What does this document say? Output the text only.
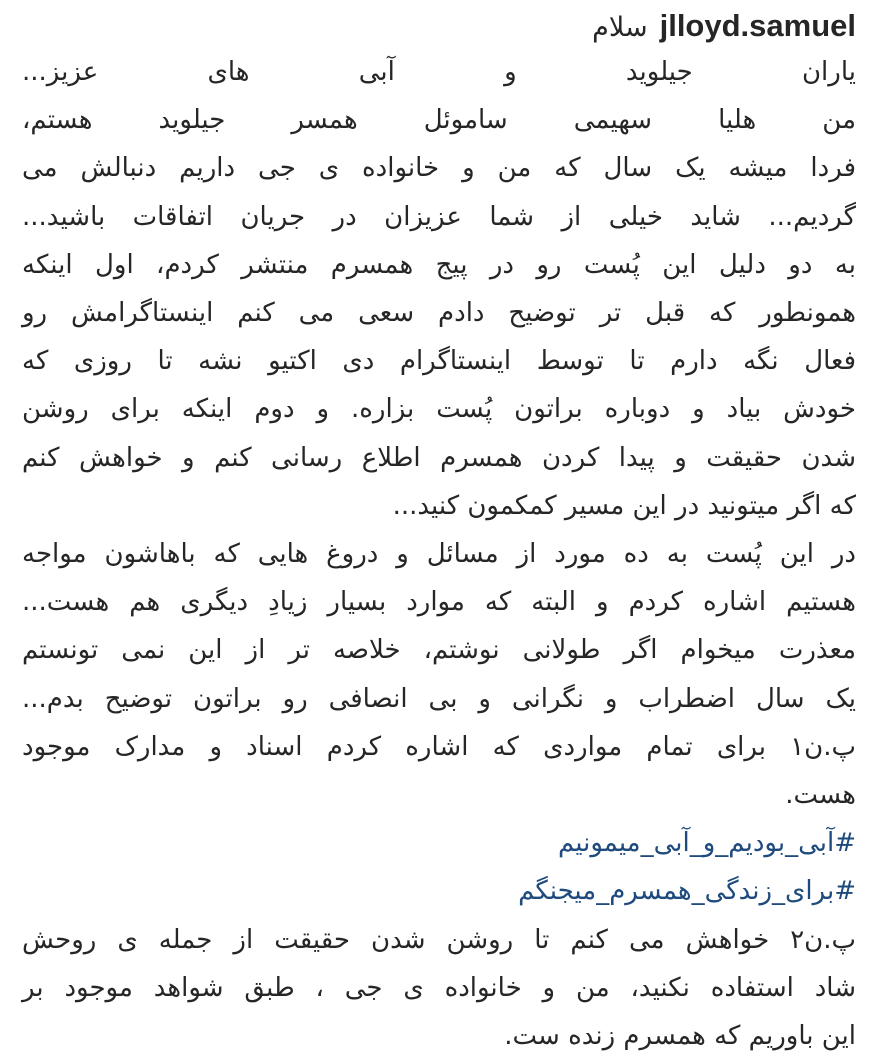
jlloyd.samuel
سلام
یاران جیلوید و آبی های عزیز...
من هلیا سهیمی ساموئل همسر جیلوید هستم،
فردا میشه یک سال که من و خانواده ی جی داریم دنبالش می
گردیم... شاید خیلی از شما عزیزان در جریان اتفاقات باشید...
به دو دلیل این پُست رو در پیج همسرم منتشر کردم، اول اینکه
همونطور که قبل تر توضیح دادم سعی می کنم اینستاگرامش رو
فعال نگه دارم تا توسط اینستاگرام دی اکتیو نشه تا روزی که
خودش بیاد و دوباره براتون پُست بزاره. و دوم اینکه برای روشن
شدن حقیقت و پیدا کردن همسرم اطلاع رسانی کنم و خواهش کنم
که اگر میتونید در این مسیر کمکمون کنید...
در این پُست به ده مورد از مسائل و دروغ هایی که باهاشون مواجه
هستیم اشاره کردم و البته که موارد بسیار زیادِ دیگری هم هست...
معذرت میخوام اگر طولانی نوشتم، خلاصه تر از این نمی تونستم
یک سال اضطراب و نگرانی و بی انصافی رو براتون توضیح بدم...
پ.ن۱ برای تمام مواردی که اشاره کردم اسناد و مدارک موجود
هست.
#آبی_بودیم_و_آبی_میمونیم
#برای_زندگی_همسرم_میجنگم
پ.ن۲ خواهش می کنم تا روشن شدن حقیقت از جمله ی روحش
شاد استفاده نکنید، من و خانواده ی جی ، طبق شواهد موجود بر
این باوریم که همسرم زنده ست.
